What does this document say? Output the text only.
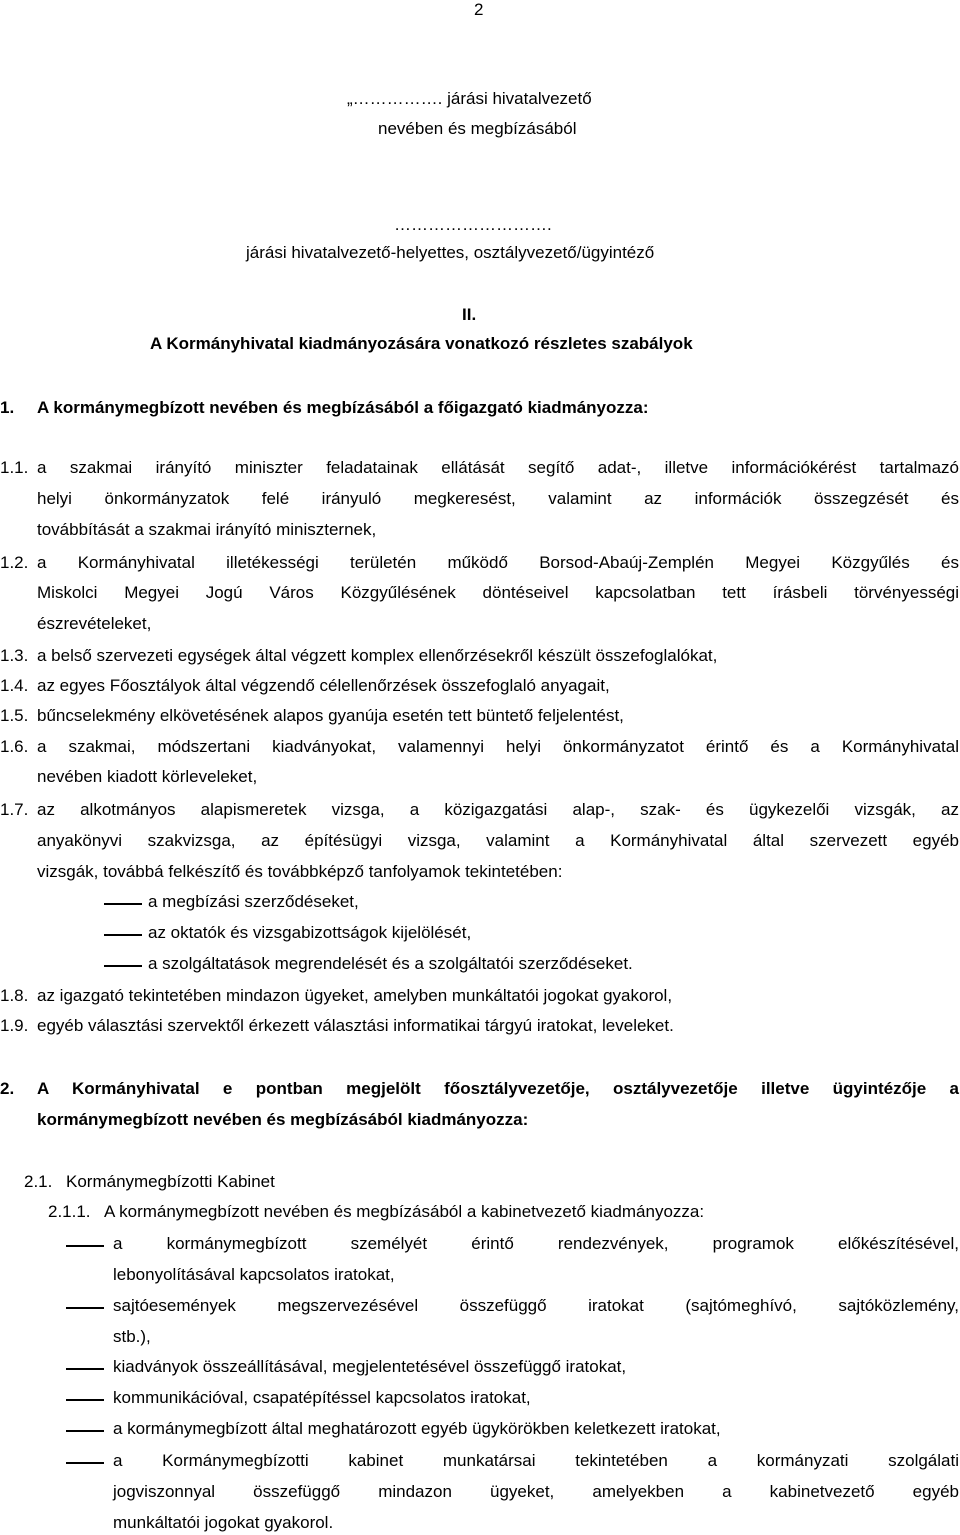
2
„……………. járási hivatalvezető
nevében és megbízásából
……………………….
járási hivatalvezető-helyettes, osztályvezető/ügyintéző
II.
A Kormányhivatal kiadmányozására vonatkozó részletes szabályok
1. A kormánymegbízott nevében és megbízásából a főigazgató kiadmányozza:
1.1. a szakmai irányító miniszter feladatainak ellátását segítő adat-, illetve információkérést tartalmazó
helyi önkormányzatok felé irányuló megkeresést, valamint az információk összegzését és
továbbítását a szakmai irányító miniszternek,
1.2. a Kormányhivatal illetékességi területén működő Borsod-Abaúj-Zemplén Megyei Közgyűlés és
Miskolci Megyei Jogú Város Közgyűlésének döntéseivel kapcsolatban tett írásbeli törvényességi
észrevételeket,
1.3. a belső szervezeti egységek által végzett komplex ellenőrzésekről készült összefoglalókat,
1.4. az egyes Főosztályok által végzendő célellenőrzések összefoglaló anyagait,
1.5. bűncselekmény elkövetésének alapos gyanúja esetén tett büntető feljelentést,
1.6. a szakmai, módszertani kiadványokat, valamennyi helyi önkormányzatot érintő és a Kormányhivatal
nevében kiadott körleveleket,
1.7. az alkotmányos alapismeretek vizsga, a közigazgatási alap-, szak- és ügykezelői vizsgák, az
anyakönyvi szakvizsga, az építésügyi vizsga, valamint a Kormányhivatal által szervezett egyéb
vizsgák, továbbá felkészítő és továbbképző tanfolyamok tekintetében:
a megbízási szerződéseket,
az oktatók és vizsgabizottságok kijelölését,
a szolgáltatások megrendelését és a szolgáltatói szerződéseket.
1.8. az igazgató tekintetében mindazon ügyeket, amelyben munkáltatói jogokat gyakorol,
1.9. egyéb választási szervektől érkezett választási informatikai tárgyú iratokat, leveleket.
2. A Kormányhivatal e pontban megjelölt főosztályvezetője, osztályvezetője illetve ügyintézője a
kormánymegbízott nevében és megbízásából kiadmányozza:
2.1. Kormánymegbízotti Kabinet
2.1.1. A kormánymegbízott nevében és megbízásából a kabinetvezető kiadmányozza:
a kormánymegbízott személyét érintő rendezvények, programok előkészítésével,
lebonyolításával kapcsolatos iratokat,
sajtóesemények megszervezésével összefüggő iratokat (sajtómeghívó, sajtóközlemény,
stb.),
kiadványok összeállításával, megjelentetésével összefüggő iratokat,
kommunikációval, csapatépítéssel kapcsolatos iratokat,
a kormánymegbízott által meghatározott egyéb ügykörökben keletkezett iratokat,
a Kormánymegbízotti kabinet munkatársai tekintetében a kormányzati szolgálati
jogviszonnyal összefüggő mindazon ügyeket, amelyekben a kabinetvezető egyéb
munkáltatói jogokat gyakorol.
